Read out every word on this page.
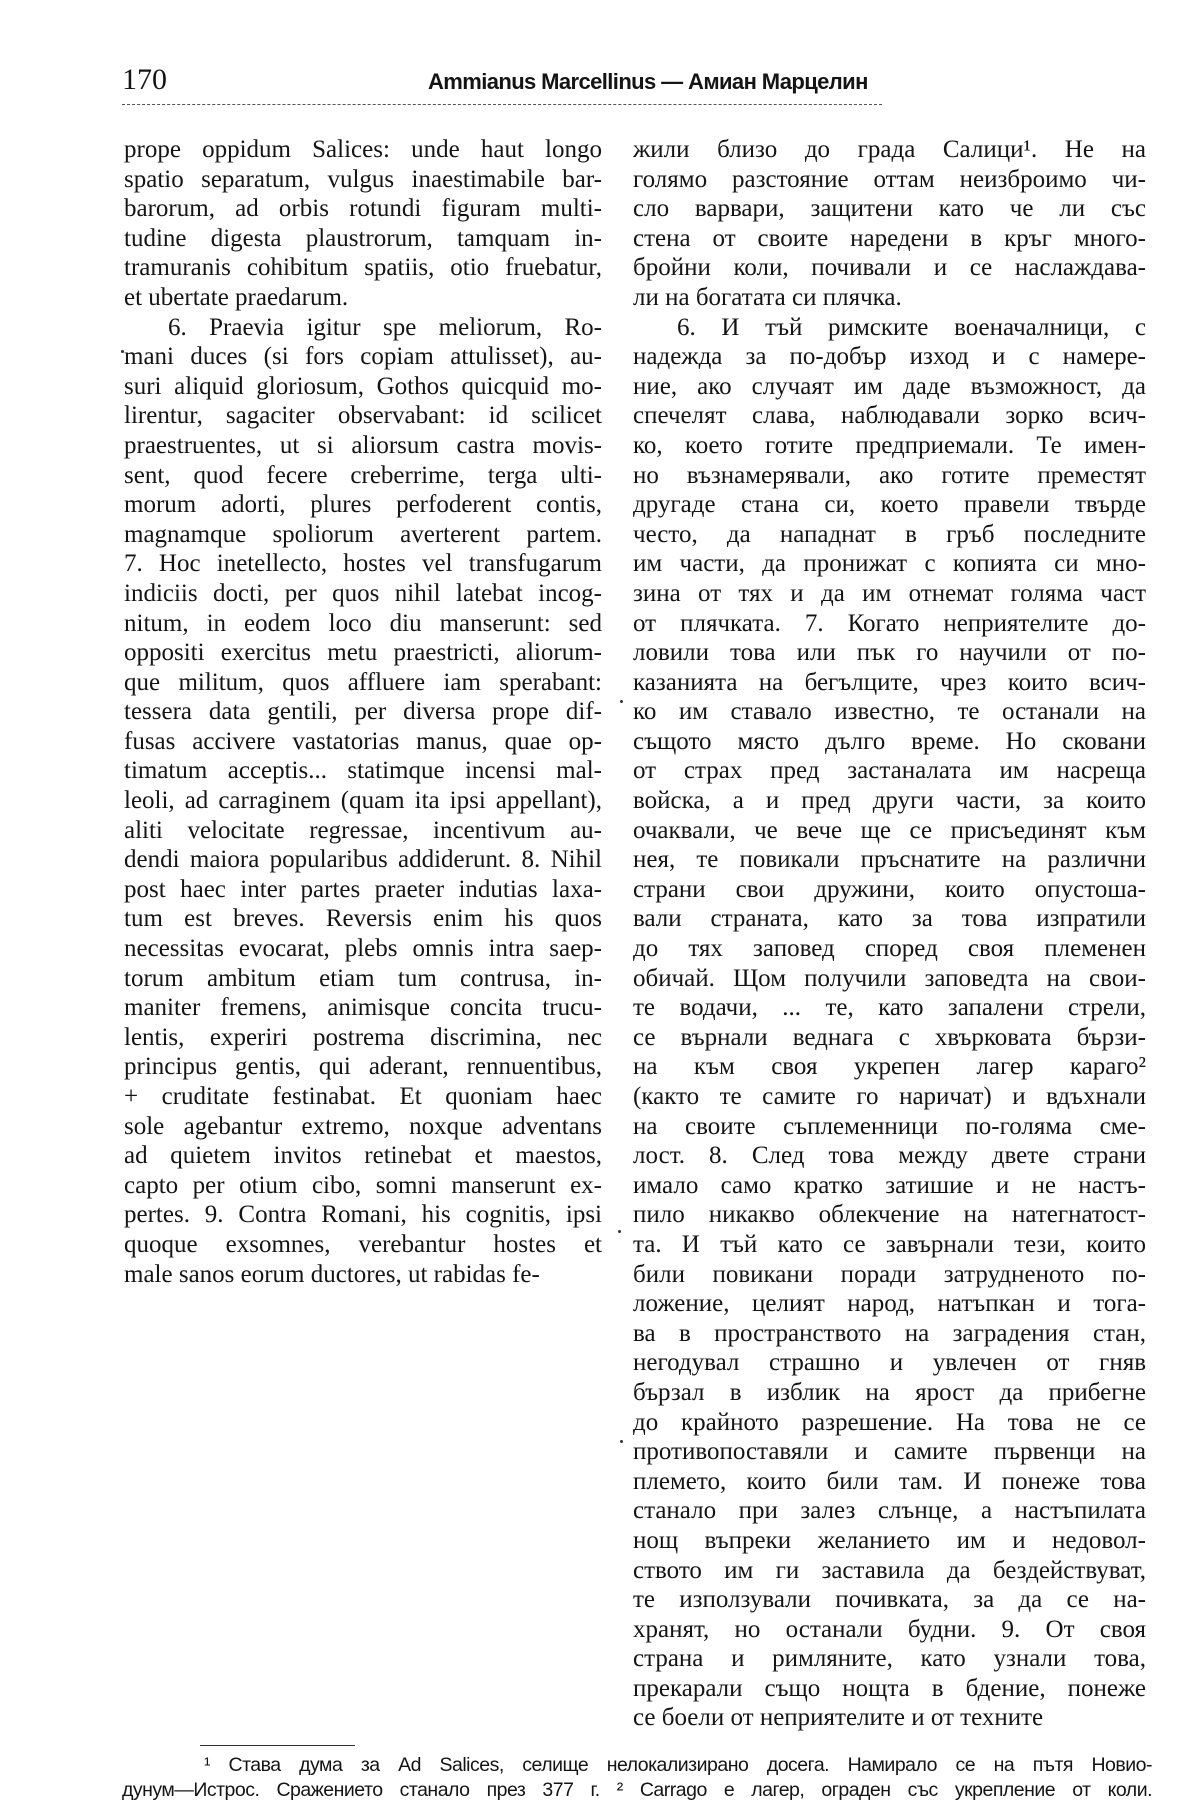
170	Ammianus Marcellinus — Амиан Марцелин
prope oppidum Salices: unde haut longo
spatio separatum, vulgus inaestimabile bar-
barorum, ad orbis rotundi figuram multi-
tudine digesta plaustrorum, tamquam in-
tramuranis cohibitum spatiis, otio fruebatur,
et ubertate praedarum.
6. Praevia igitur spe meliorum, Ro-
mani duces (si fors copiam attulisset), au-
suri aliquid gloriosum, Gothos quicquid mo-
lirentur, sagaciter observabant: id scilicet
praestruentes, ut si aliorsum castra movis-
sent, quod fecere creberrime, terga ulti-
morum adorti, plures perfoderent contis,
magnamque spoliorum averterent partem.
7. Hoc inetellecto, hostes vel transfugarum
indiciis docti, per quos nihil latebat incog-
nitum, in eodem loco diu manserunt: sed
oppositi exercitus metu praestricti, aliorum-
que militum, quos affluere iam sperabant:
tessera data gentili, per diversa prope dif-
fusas accivere vastatorias manus, quae op-
timatum acceptis... statimque incensi mal-
leoli, ad carraginem (quam ita ipsi appellant),
aliti velocitate regressae, incentivum au-
dendi maiora popularibus addiderunt. 8. Nihil
post haec inter partes praeter indutias laxa-
tum est breves. Reversis enim his quos
necessitas evocarat, plebs omnis intra saep-
torum ambitum etiam tum contrusa, in-
maniter fremens, animisque concita trucu-
lentis, experiri postrema discrimina, nec
principus gentis, qui aderant, rennuentibus,
+ cruditate festinabat. Et quoniam haec
sole agebantur extremo, noxque adventans
ad quietem invitos retinebat et maestos,
capto per otium cibo, somni manserunt ex-
pertes. 9. Contra Romani, his cognitis, ipsi
quoque exsomnes, verebantur hostes et
male sanos eorum ductores, ut rabidas fe-
жили близо до града Салици¹. Не на
голямо разстояние оттам неизброимо чи-
сло варвари, защитени като че ли със
стена от своите наредени в кръг много-
бройни коли, почивали и се наслаждава-
ли на богатата си плячка.
6. И тъй римските военачалници, с
надежда за по-добър изход и с намере-
ние, ако случаят им даде възможност, да
спечелят слава, наблюдавали зорко всич-
ко, което готите предприемали. Те имен-
но възнамерявали, ако готите преместят
другаде стана си, което правели твърде
често, да нападнат в гръб последните
им части, да пронижат с копията си мно-
зина от тях и да им отнемат голяма част
от плячката. 7. Когато неприятелите до-
ловили това или пък го научили от по-
казанията на бегълците, чрез които всич-
ко им ставало известно, те останали на
същото място дълго време. Но сковани
от страх пред застаналата им насреща
войска, а и пред други части, за които
очаквали, че вече ще се присъединят към
нея, те повикали пръснатите на различни
страни свои дружини, които опустоша-
вали страната, като за това изпратили
до тях заповед според своя племенен
обичай. Щом получили заповедта на свои-
те водачи, ... те, като запалени стрели,
се върнали веднага с хвърковата бързи-
на към своя укрепен лагер караго²
(както те самите го наричат) и вдъхнали
на своите съплеменници по-голяма сме-
лост. 8. След това между двете страни
имало само кратко затишие и не настъ-
пило никакво облекчение на натегнатост-
та. И тъй като се завърнали тези, които
били повикани поради затрудненото по-
ложение, целият народ, натъпкан и тога-
ва в пространството на заградения стан,
негодувал страшно и увлечен от гняв
бързал в изблик на ярост да прибегне
до крайното разрешение. На това не се
противопоставяли и самите първенци на
племето, които били там. И понеже това
станало при залез слънце, а настъпилата
нощ въпреки желанието им и недовол-
ството им ги заставила да бездействуват,
те използували почивката, за да се на-
хранят, но останали будни. 9. От своя
страна и римляните, като узнали това,
прекарали също нощта в бдение, понеже
се боели от неприятелите и от техните
¹ Става дума за Ad Salices, селище нелокализирано досега. Намирало се на пътя Новио-
дунум—Истрос. Сражението станало през 377 г. ² Carrago е лагер, ограден със укрепление от коли.
